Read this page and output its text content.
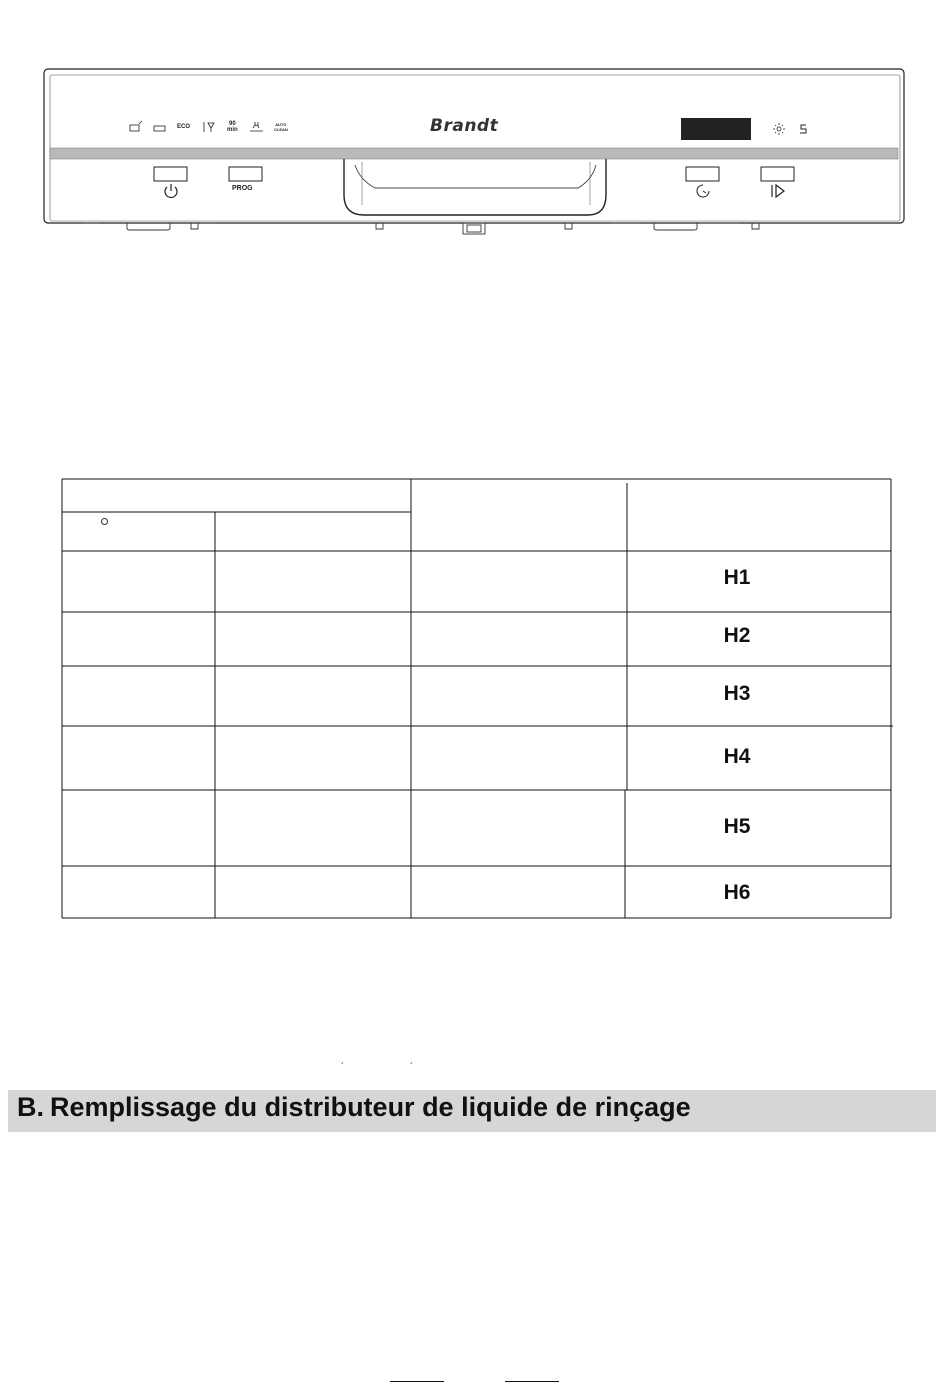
Brandt
ECO	90
min
AUTO
CLEAN
PROG
H1
H2
H3
H4
H5
H6
´	´
B. Remplissage du distributeur de liquide de rinçage
